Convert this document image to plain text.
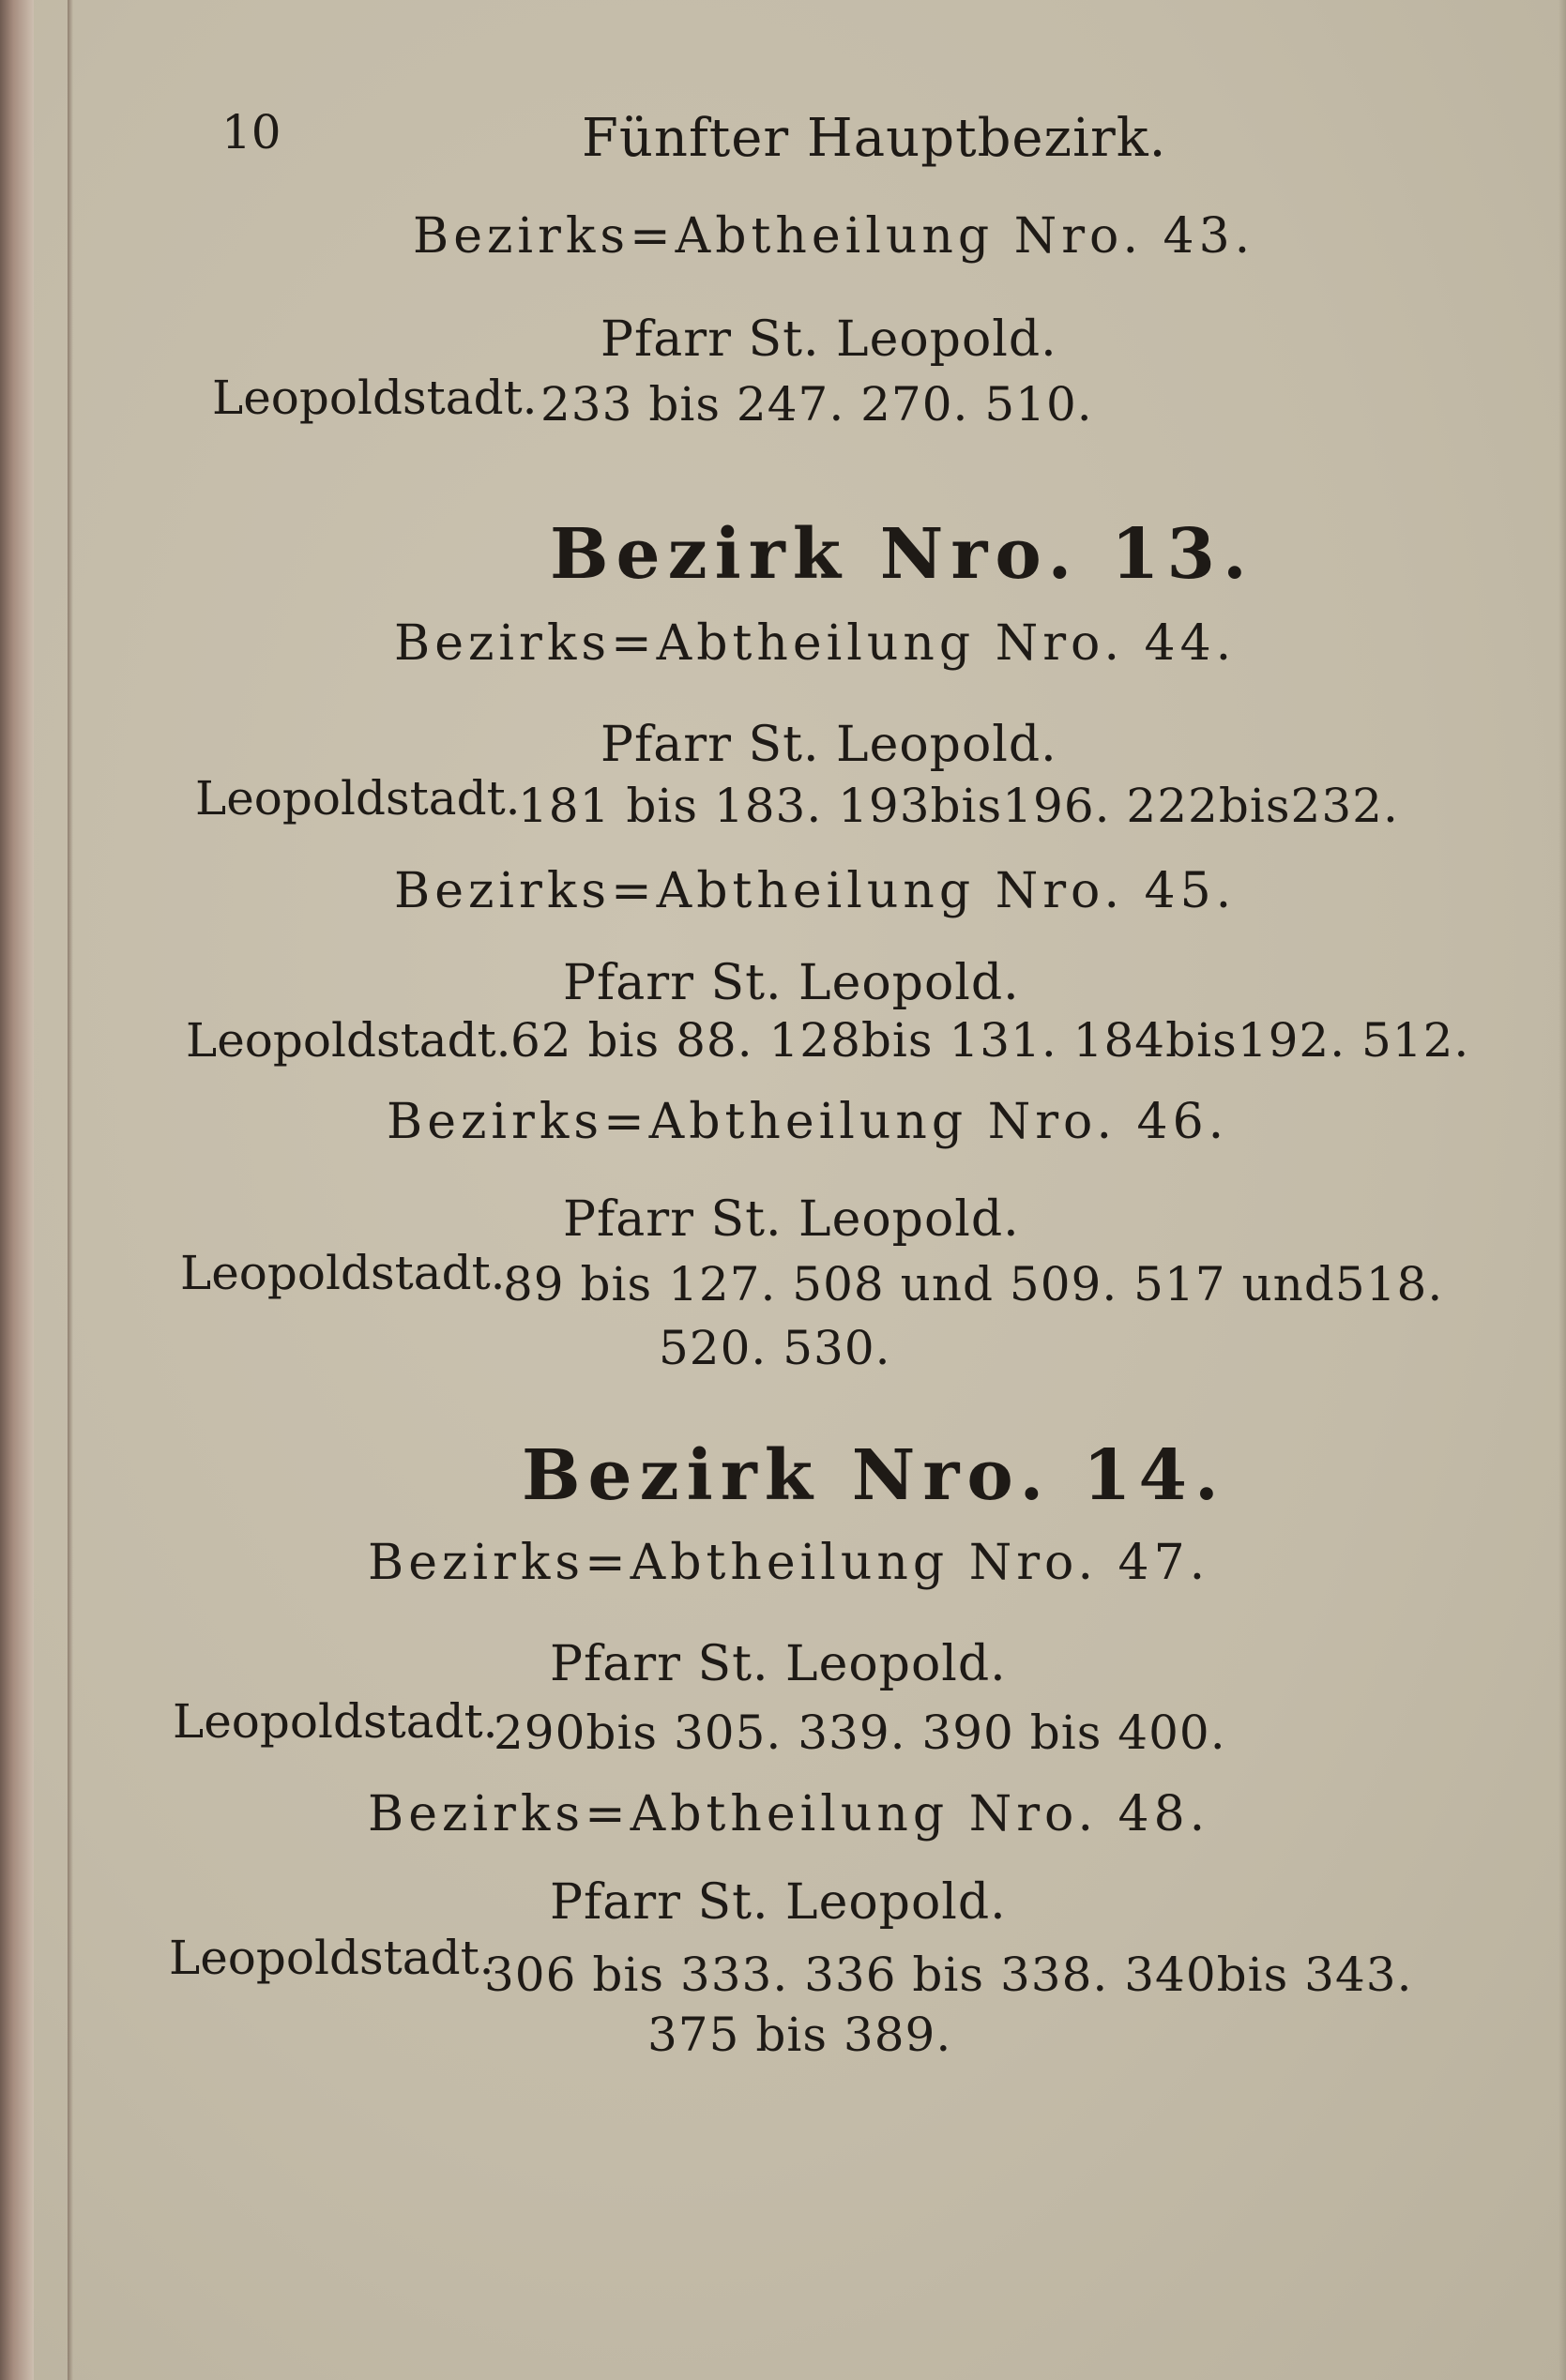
10	Fünfter Hauptbezirk.
Bezirks=Abtheilung Nro. 43.
Pfarr St. Leopold.
Leopoldstadt. 233 bis 247. 270. 510.
Bezirk Nro. 13.
Bezirks=Abtheilung Nro. 44.
Pfarr St. Leopold.
Leopoldstadt.
181 bis 183. 193bis196. 222bis232.
Bezirks=Abtheilung Nro. 45.
Pfarr St. Leopold.
Leopoldstadt. 62 bis 88. 128bis 131. 184bis192. 512.
Bezirks=Abtheilung Nro. 46.
Pfarr St. Leopold.
Leopoldstadt.
89 bis 127. 508 und 509. 517 und518.
520. 530.
Bezirk Nro. 14.
Bezirks=Abtheilung Nro. 47.
Pfarr St. Leopold.
Leopoldstadt.
290bis 305. 339. 390 bis 400.
Bezirks=Abtheilung Nro. 48.
Pfarr St. Leopold.
Leopoldstadt.
306 bis 333. 336 bis 338. 340bis 343.
375 bis 389.
